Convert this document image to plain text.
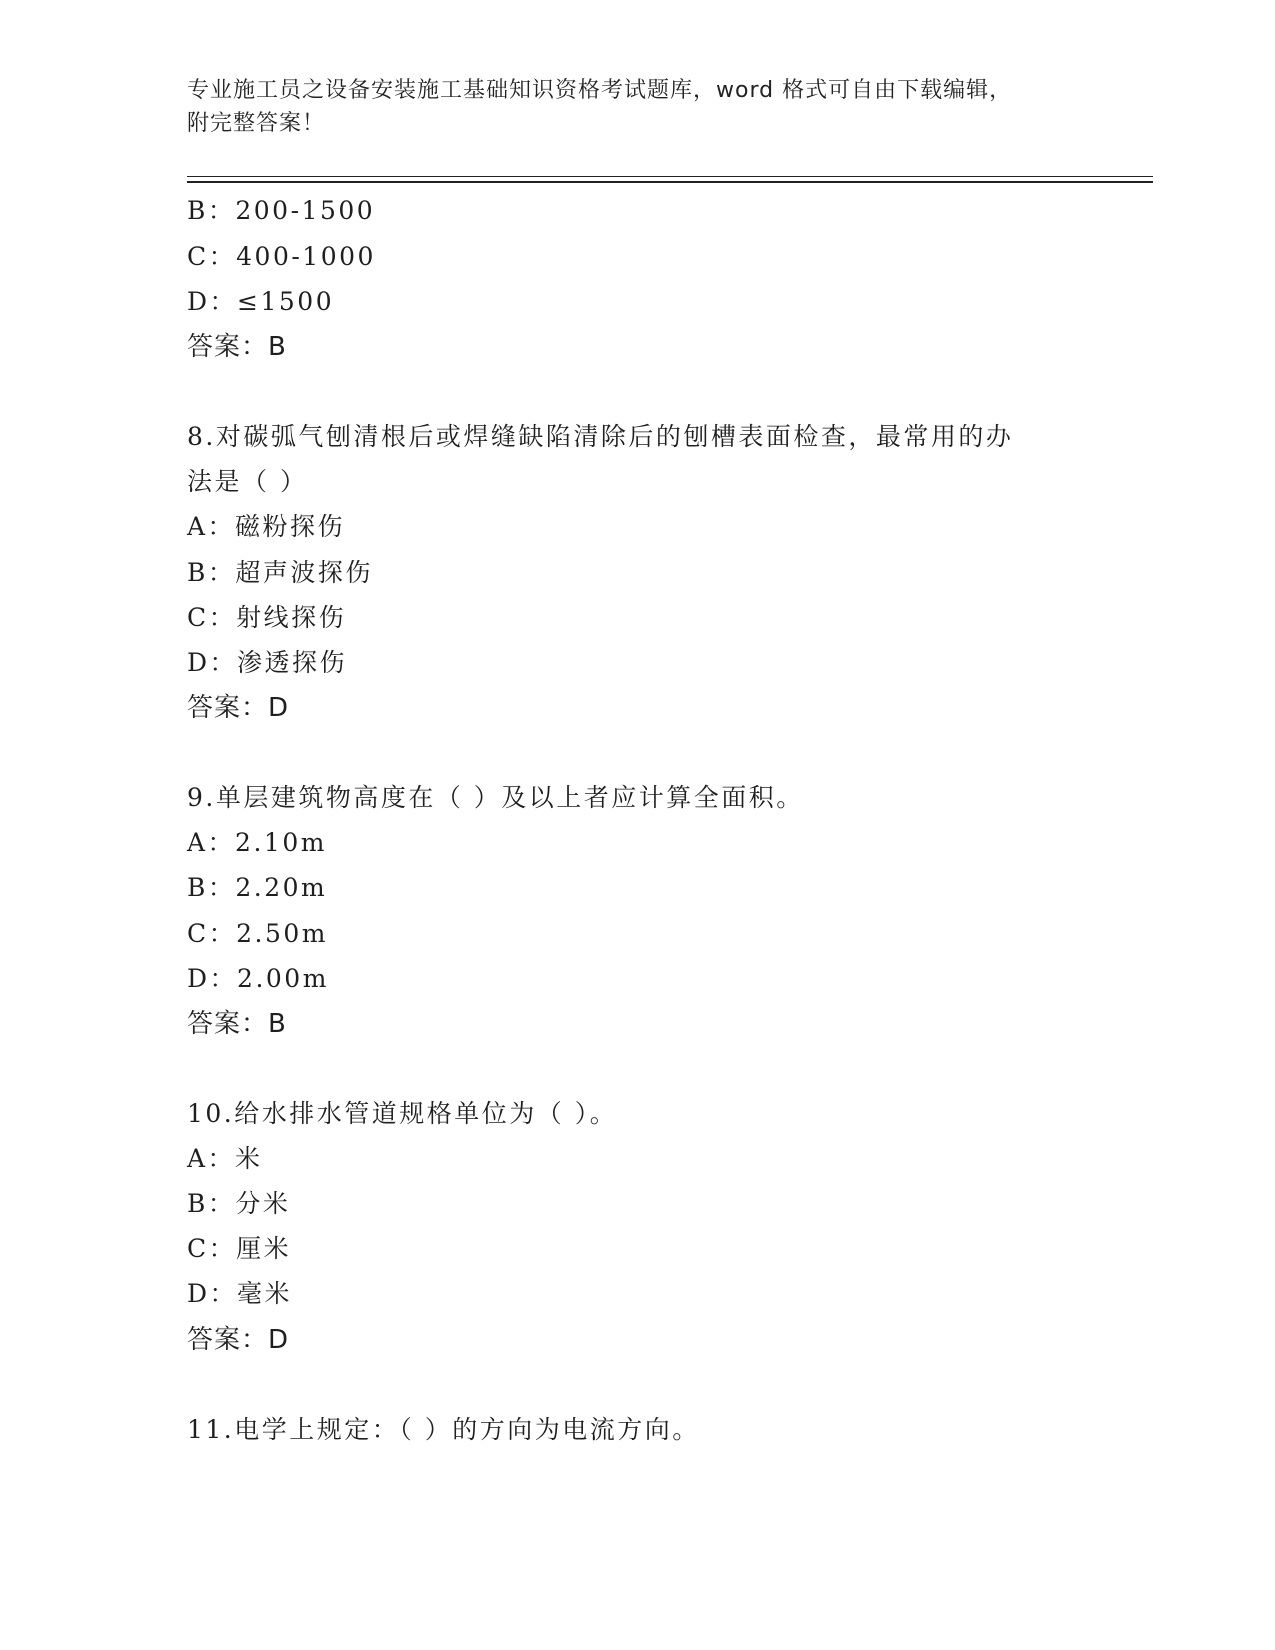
专业施工员之设备安装施工基础知识资格考试题库，word 格式可自由下载编辑，
附完整答案！
B：200-1500
C：400-1000
D：≤1500
答案：B
8.对碳弧气刨清根后或焊缝缺陷清除后的刨槽表面检查，最常用的办
法是（ ）
A：磁粉探伤
B：超声波探伤
C：射线探伤
D：渗透探伤
答案：D
9.单层建筑物高度在（ ）及以上者应计算全面积。
A：2.10m
B：2.20m
C：2.50m
D：2.00m
答案：B
10.给水排水管道规格单位为（ ）。
A：米
B：分米
C：厘米
D：毫米
答案：D
11.电学上规定：（ ）的方向为电流方向。
